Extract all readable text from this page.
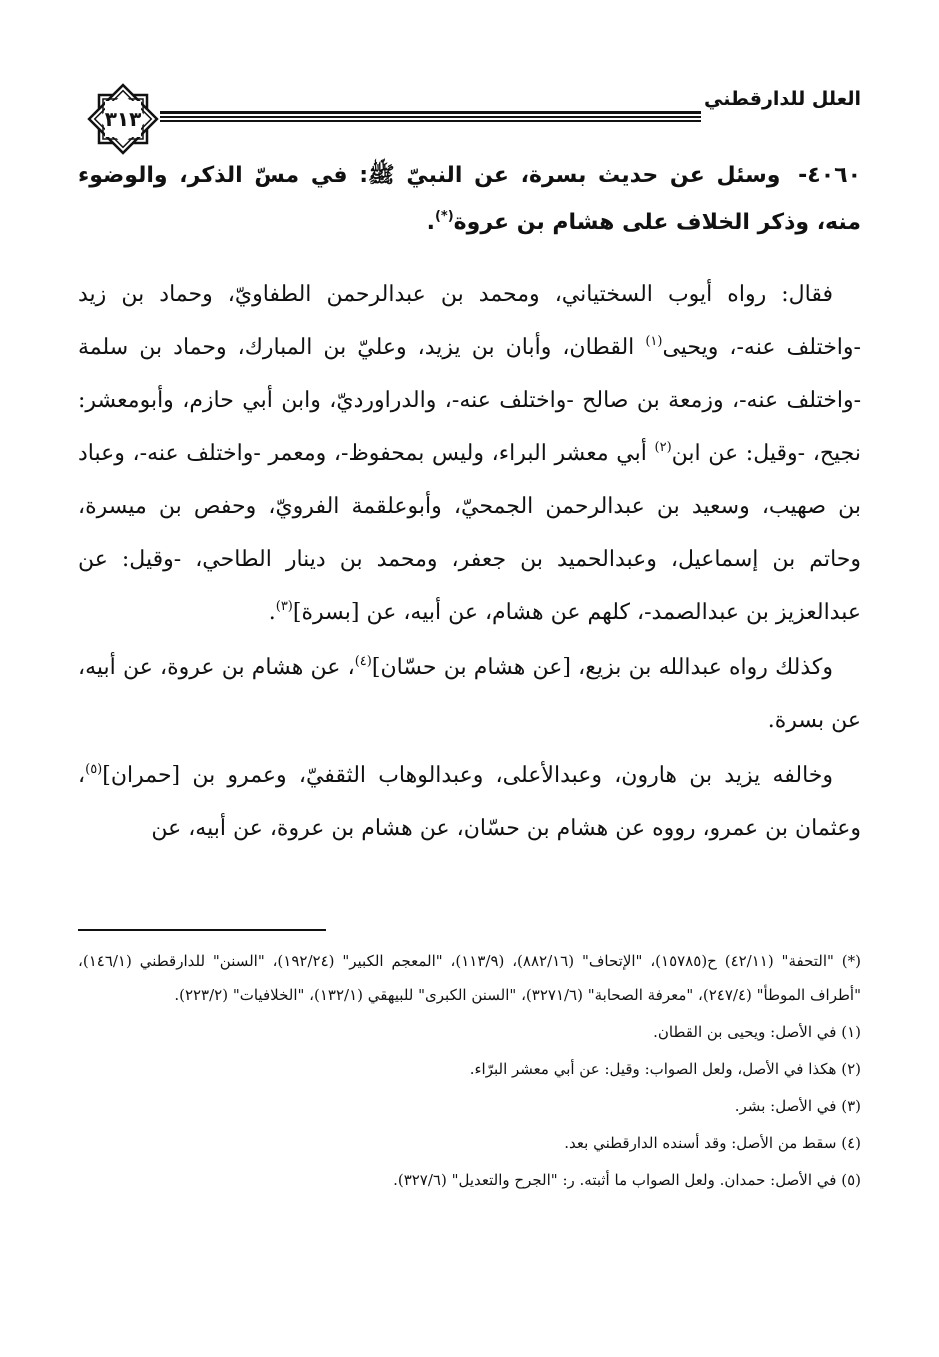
العلل للدارقطني
٣١٣
٤٠٦٠- وسئل عن حديث بسرة، عن النبيّ ﷺ: في مسّ الذكر، والوضوء منه، وذكر الخلاف على هشام بن عروة(*).

فقال: رواه أيوب السختياني، ومحمد بن عبدالرحمن الطفاويّ، وحماد بن زيد -واختلف عنه-، ويحيى$^{(١)}$ القطان، وأبان بن يزيد، وعليّ بن المبارك، وحماد بن سلمة -واختلف عنه-، وزمعة بن صالح -واختلف عنه-، والدراورديّ، وابن أبي حازم، وأبومعشر: نجيح، -وقيل: عن ابن$^{(٢)}$ أبي معشر البراء، وليس بمحفوظ-، ومعمر -واختلف عنه-، وعباد بن صهيب، وسعيد بن عبدالرحمن الجمحيّ، وأبوعلقمة الفرويّ، وحفص بن ميسرة، وحاتم بن إسماعيل، وعبدالحميد بن جعفر، ومحمد بن دينار الطاحي، -وقيل: عن عبدالعزيز بن عبدالصمد-، كلهم عن هشام، عن أبيه، عن [بسرة]$^{(٣)}$.

وكذلك رواه عبدالله بن بزيع، [عن هشام بن حسّان]$^{(٤)}$، عن هشام بن عروة، عن أبيه، عن بسرة.

وخالفه يزيد بن هارون، وعبدالأعلى، وعبدالوهاب الثقفيّ، وعمرو بن [حمران]$^{(٥)}$، وعثمان بن عمرو، رووه عن هشام بن حسّان، عن هشام بن عروة، عن أبيه، عن

(*) "التحفة" (٤٢/١١) ح(١٥٧٨٥)، "الإتحاف" (٨٨٢/١٦)، (١١٣/٩)، "المعجم الكبير" (١٩٢/٢٤)، "السنن" للدارقطني (١٤٦/١)، "أطراف الموطأ" (٢٤٧/٤)، "معرفة الصحابة" (٣٢٧١/٦)، "السنن الكبرى" للبيهقي (١٣٢/١)، "الخلافيات" (٢٢٣/٢).

(١) في الأصل: ويحيى بن القطان.

(٢) هكذا في الأصل، ولعل الصواب: وقيل: عن أبي معشر البرّاء.

(٣) في الأصل: بشر.

(٤) سقط من الأصل: وقد أسنده الدارقطني بعد.

(٥) في الأصل: حمدان. ولعل الصواب ما أثبته. ر: "الجرح والتعديل" (٣٢٧/٦).
